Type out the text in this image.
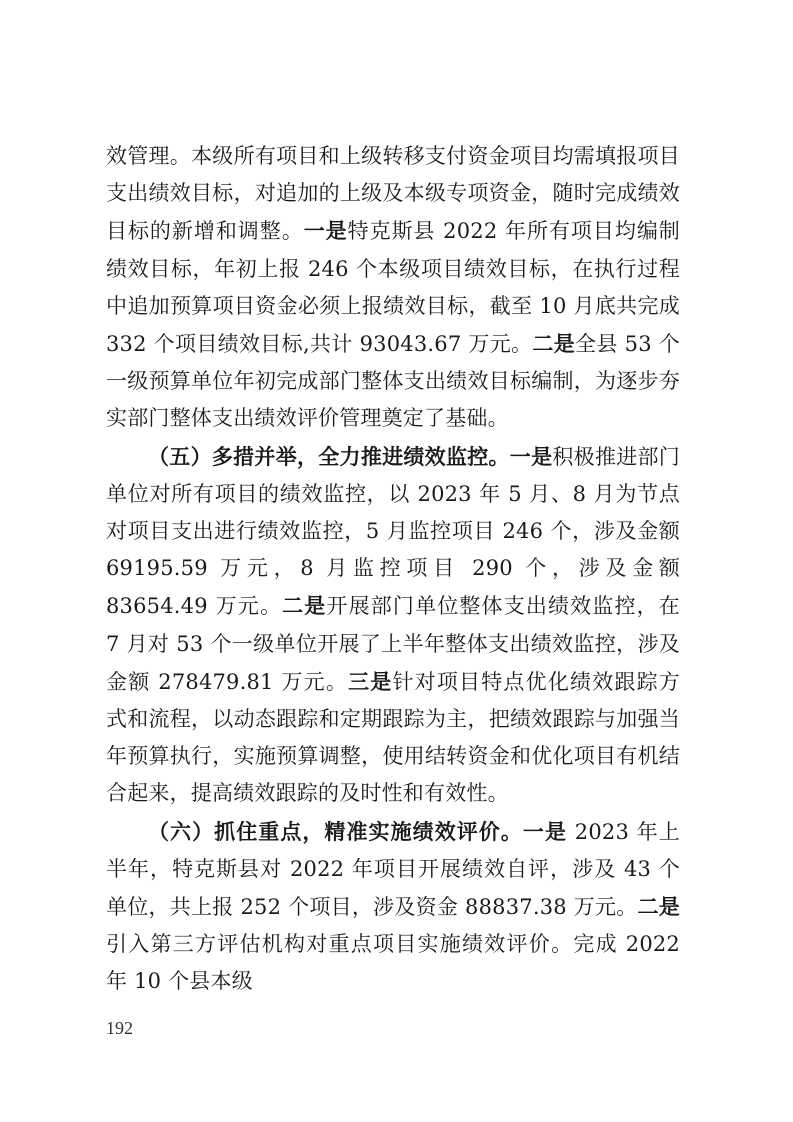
效管理。本级所有项目和上级转移支付资金项目均需填报项目支出绩效目标，对追加的上级及本级专项资金，随时完成绩效目标的新增和调整。一是特克斯县 2022 年所有项目均编制绩效目标，年初上报 246 个本级项目绩效目标，在执行过程中追加预算项目资金必须上报绩效目标，截至 10 月底共完成 332 个项目绩效目标,共计 93043.67 万元。二是全县 53 个一级预算单位年初完成部门整体支出绩效目标编制，为逐步夯实部门整体支出绩效评价管理奠定了基础。

（五）多措并举，全力推进绩效监控。一是积极推进部门单位对所有项目的绩效监控，以 2023 年 5 月、8 月为节点对项目支出进行绩效监控，5 月监控项目 246 个，涉及金额 69195.59 万元，8 月监控项目 290 个，涉及金额 83654.49 万元。二是开展部门单位整体支出绩效监控，在 7 月对 53 个一级单位开展了上半年整体支出绩效监控，涉及金额 278479.81 万元。三是针对项目特点优化绩效跟踪方式和流程，以动态跟踪和定期跟踪为主，把绩效跟踪与加强当年预算执行，实施预算调整，使用结转资金和优化项目有机结合起来，提高绩效跟踪的及时性和有效性。

（六）抓住重点，精准实施绩效评价。一是 2023 年上半年，特克斯县对 2022 年项目开展绩效自评，涉及 43 个单位，共上报 252 个项目，涉及资金 88837.38 万元。二是引入第三方评估机构对重点项目实施绩效评价。完成 2022 年 10 个县本级

192
